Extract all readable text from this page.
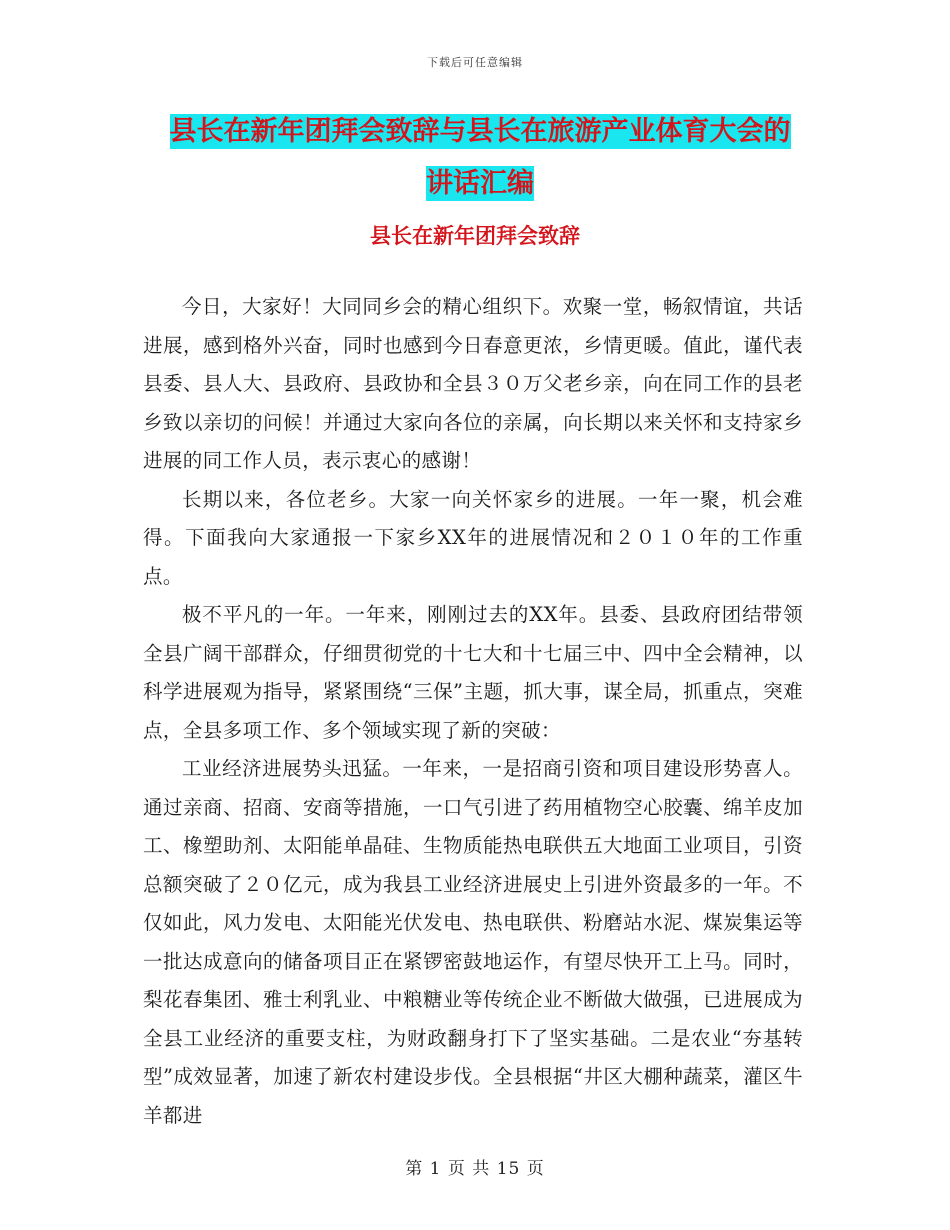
下载后可任意编辑
县长在新年团拜会致辞与县长在旅游产业体育大会的
讲话汇编
县长在新年团拜会致辞

今日，大家好！大同同乡会的精心组织下。欢聚一堂，畅叙情谊，共话进展，感到格外兴奋，同时也感到今日春意更浓，乡情更暖。值此，谨代表县委、县人大、县政府、县政协和全县３０万父老乡亲，向在同工作的县老乡致以亲切的问候！并通过大家向各位的亲属，向长期以来关怀和支持家乡进展的同工作人员，表示衷心的感谢！

长期以来，各位老乡。大家一向关怀家乡的进展。一年一聚，机会难得。下面我向大家通报一下家乡XX年的进展情况和２０１０年的工作重点。

极不平凡的一年。一年来，刚刚过去的XX年。县委、县政府团结带领全县广阔干部群众，仔细贯彻党的十七大和十七届三中、四中全会精神，以科学进展观为指导，紧紧围绕“三保”主题，抓大事，谋全局，抓重点，突难点，全县多项工作、多个领域实现了新的突破：

工业经济进展势头迅猛。一年来，一是招商引资和项目建设形势喜人。通过亲商、招商、安商等措施，一口气引进了药用植物空心胶囊、绵羊皮加工、橡塑助剂、太阳能单晶硅、生物质能热电联供五大地面工业项目，引资总额突破了２０亿元，成为我县工业经济进展史上引进外资最多的一年。不仅如此，风力发电、太阳能光伏发电、热电联供、粉磨站水泥、煤炭集运等一批达成意向的储备项目正在紧锣密鼓地运作，有望尽快开工上马。同时，梨花春集团、雅士利乳业、中粮糖业等传统企业不断做大做强，已进展成为全县工业经济的重要支柱，为财政翻身打下了坚实基础。二是农业“夯基转型”成效显著，加速了新农村建设步伐。全县根据“井区大棚种蔬菜，灌区牛羊都进

第 1 页 共 15 页
